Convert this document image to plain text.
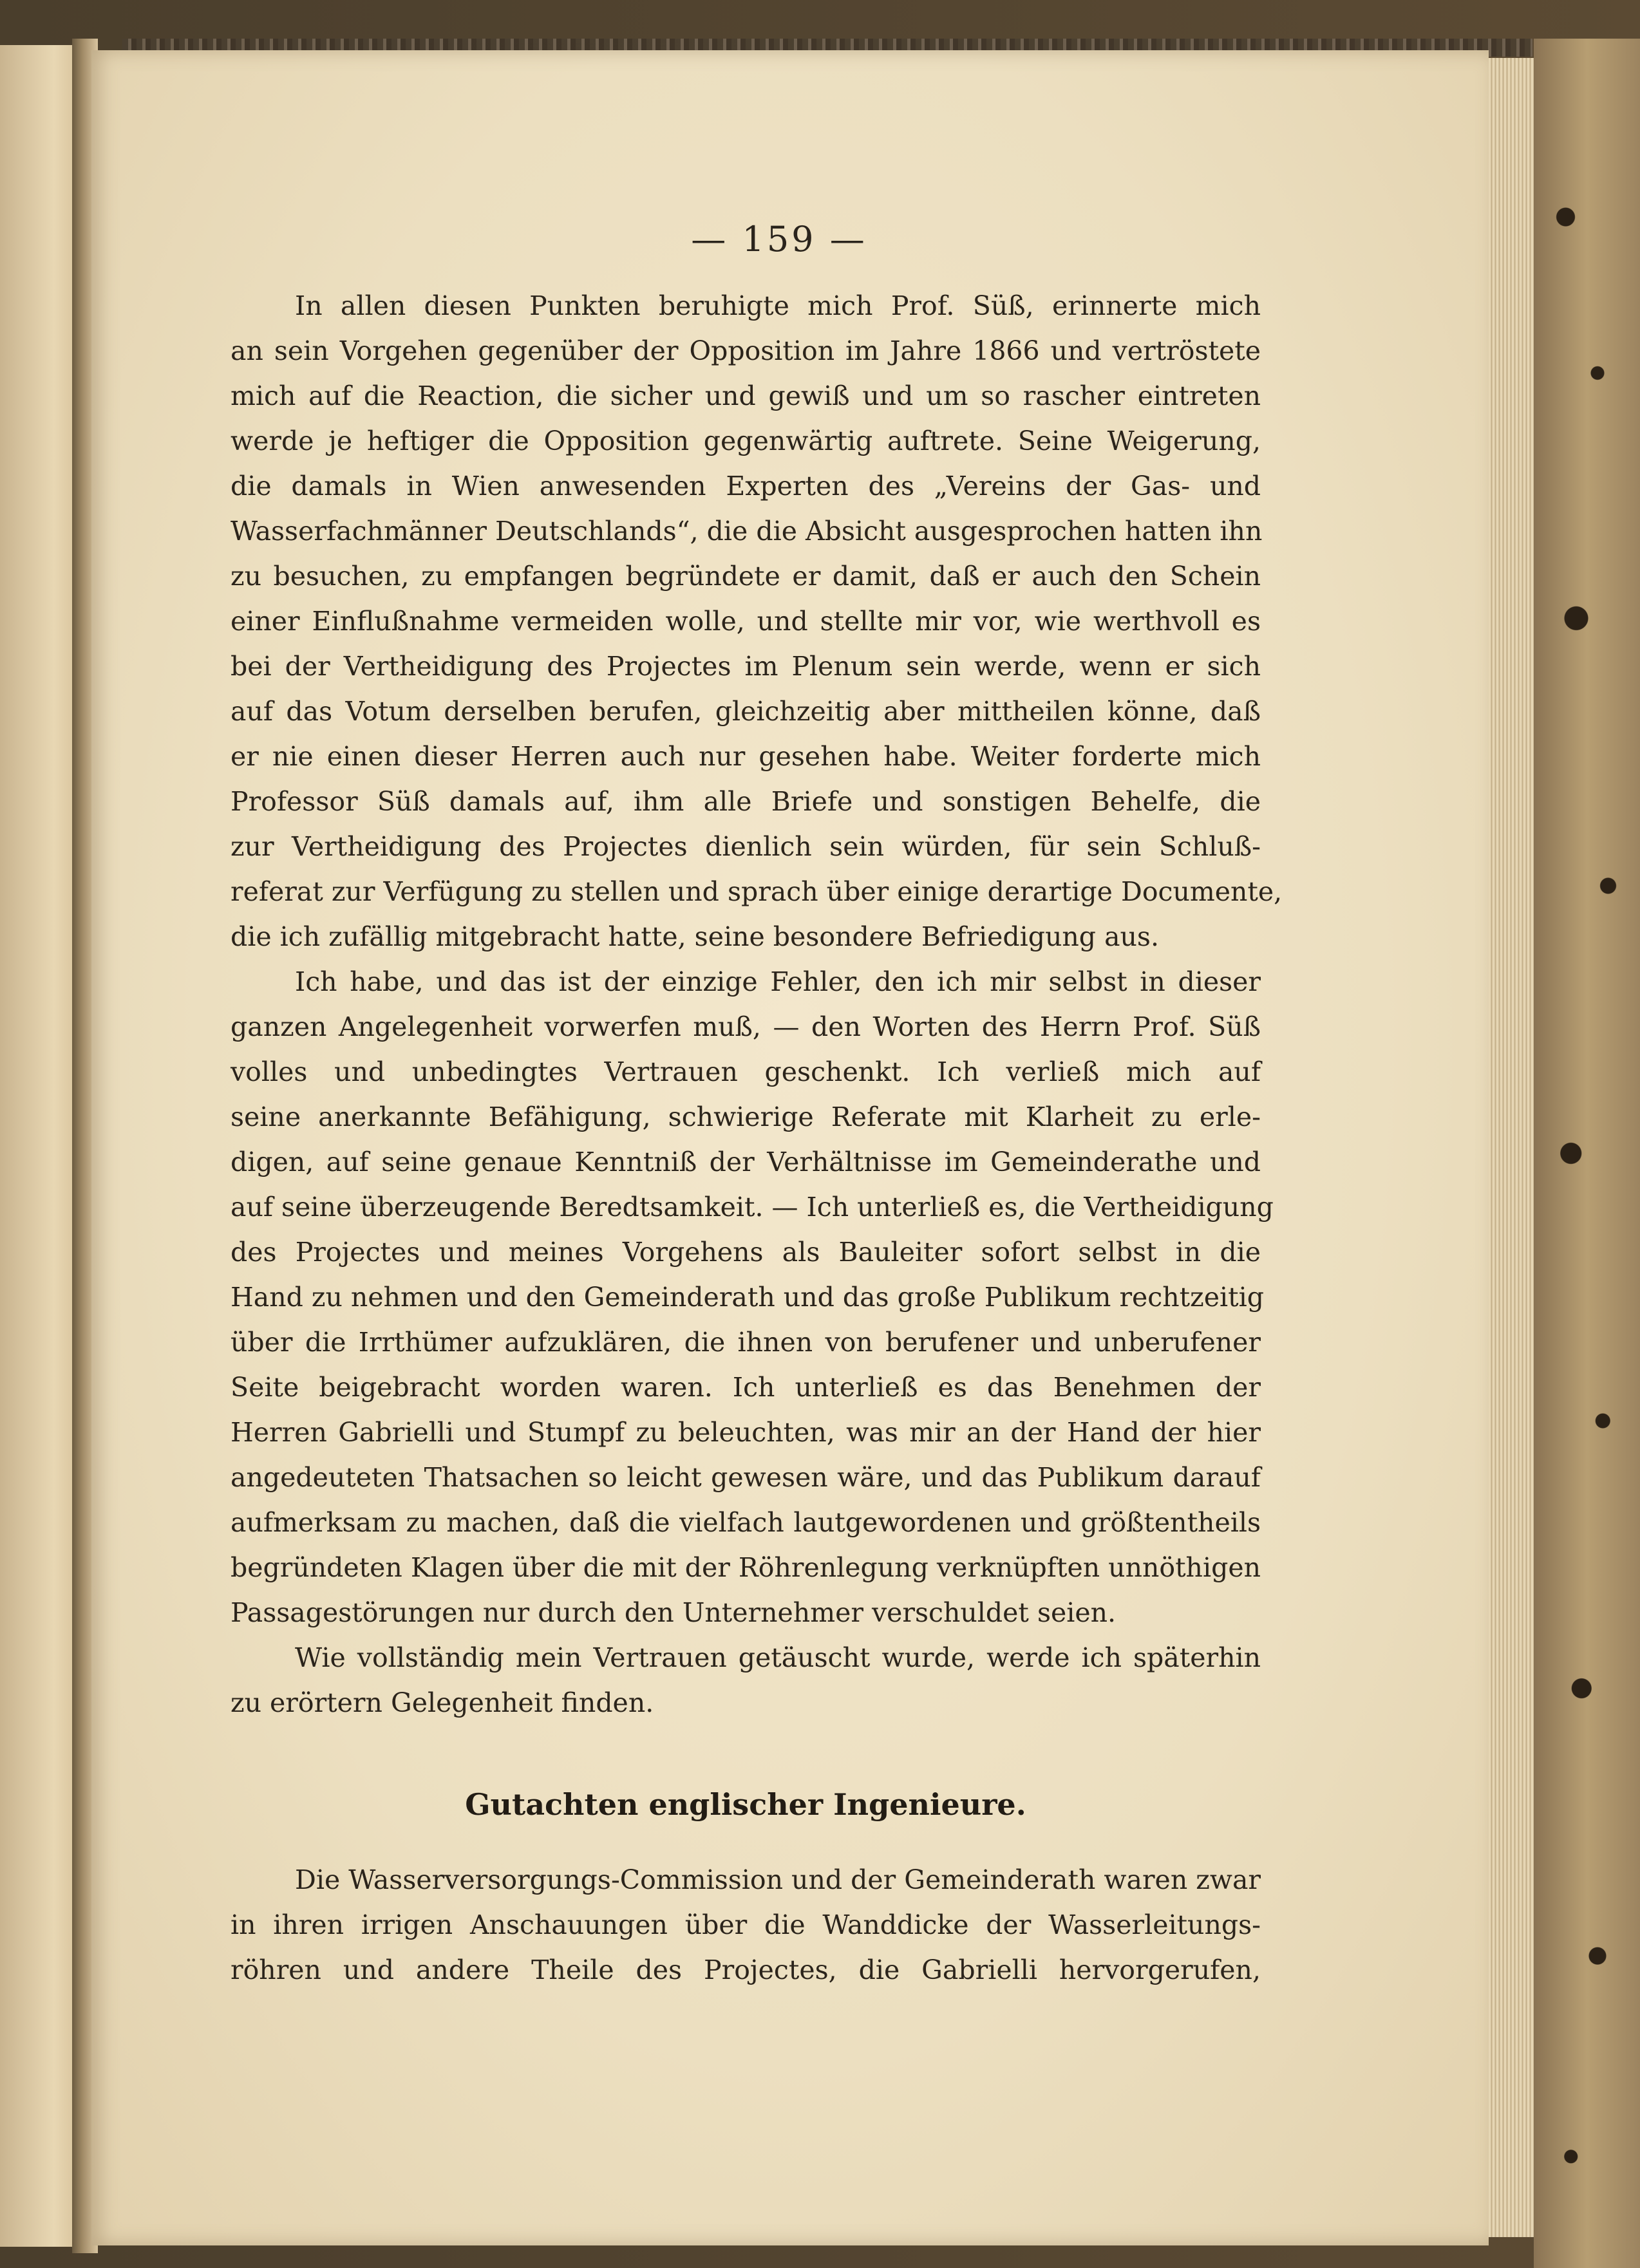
— 159 —
In allen diesen Punkten beruhigte mich Prof. Süß, erinnerte mich
an sein Vorgehen gegenüber der Opposition im Jahre 1866 und vertröstete
mich auf die Reaction, die sicher und gewiß und um so rascher eintreten
werde je heftiger die Opposition gegenwärtig auftrete. Seine Weigerung,
die damals in Wien anwesenden Experten des „Vereins der Gas- und
Wasserfachmänner Deutschlands“, die die Absicht ausgesprochen hatten ihn
zu besuchen, zu empfangen begründete er damit, daß er auch den Schein
einer Einflußnahme vermeiden wolle, und stellte mir vor, wie werthvoll es
bei der Vertheidigung des Projectes im Plenum sein werde, wenn er sich
auf das Votum derselben berufen, gleichzeitig aber mittheilen könne, daß
er nie einen dieser Herren auch nur gesehen habe. Weiter forderte mich
Professor Süß damals auf, ihm alle Briefe und sonstigen Behelfe, die
zur Vertheidigung des Projectes dienlich sein würden, für sein Schluß-
referat zur Verfügung zu stellen und sprach über einige derartige Documente,
die ich zufällig mitgebracht hatte, seine besondere Befriedigung aus.
Ich habe, und das ist der einzige Fehler, den ich mir selbst in dieser
ganzen Angelegenheit vorwerfen muß, — den Worten des Herrn Prof. Süß
volles und unbedingtes Vertrauen geschenkt. Ich verließ mich auf
seine anerkannte Befähigung, schwierige Referate mit Klarheit zu erle-
digen, auf seine genaue Kenntniß der Verhältnisse im Gemeinderathe und
auf seine überzeugende Beredtsamkeit. — Ich unterließ es, die Vertheidigung
des Projectes und meines Vorgehens als Bauleiter sofort selbst in die
Hand zu nehmen und den Gemeinderath und das große Publikum rechtzeitig
über die Irrthümer aufzuklären, die ihnen von berufener und unberufener
Seite beigebracht worden waren. Ich unterließ es das Benehmen der
Herren Gabrielli und Stumpf zu beleuchten, was mir an der Hand der hier
angedeuteten Thatsachen so leicht gewesen wäre, und das Publikum darauf
aufmerksam zu machen, daß die vielfach lautgewordenen und größtentheils
begründeten Klagen über die mit der Röhrenlegung verknüpften unnöthigen
Passagestörungen nur durch den Unternehmer verschuldet seien.
Wie vollständig mein Vertrauen getäuscht wurde, werde ich späterhin
zu erörtern Gelegenheit finden.
Gutachten englischer Ingenieure.
Die Wasserversorgungs-Commission und der Gemeinderath waren zwar
in ihren irrigen Anschauungen über die Wanddicke der Wasserleitungs-
röhren und andere Theile des Projectes, die Gabrielli hervorgerufen,
